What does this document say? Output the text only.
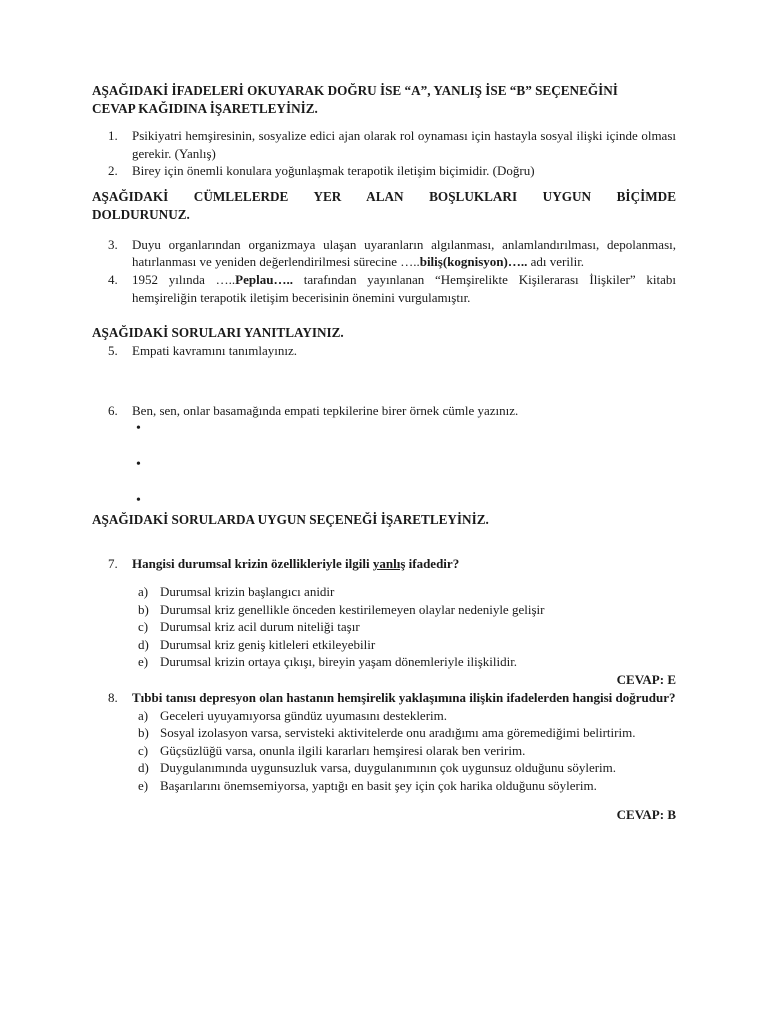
AŞAĞIDAKİ İFADELERİ OKUYARAK DOĞRU İSE “A”, YANLIŞ İSE “B” SEÇENEĞİNİ
CEVAP KAĞIDINA İŞARETLEYİNİZ.
1. Psikiyatri hemşiresinin, sosyalize edici ajan olarak rol oynaması için hastayla sosyal ilişki içinde olması gerekir. (Yanlış)
2. Birey için önemli konulara yoğunlaşmak terapotik iletişim biçimidir. (Doğru)
AŞAĞIDAKİ CÜMLELERDE YER ALAN BOŞLUKLARI UYGUN BİÇİMDE
DOLDURUNUZ.
3. Duyu organlarından organizmaya ulaşan uyaranların algılanması, anlamlandırılması, depolanması, hatırlanması ve yeniden değerlendirilmesi sürecine …..biliş(kognisyon)….. adı verilir.
4. 1952 yılında …..Peplau….. tarafından yayınlanan “Hemşirelikte Kişilerarası İlişkiler” kitabı hemşireliğin terapotik iletişim becerisinin önemini vurgulamıştır.
AŞAĞIDAKİ SORULARI YANITLAYINIZ.
5. Empati kavramını tanımlayınız.
6. Ben, sen, onlar basamağında empati tepkilerine birer örnek cümle yazınız.
•
•
•
AŞAĞIDAKİ SORULARDA UYGUN SEÇENEĞİ İŞARETLEYİNİZ.
7. Hangisi durumsal krizin özellikleriyle ilgili yanlış ifadedir?
a) Durumsal krizin başlangıcı anidir
b) Durumsal kriz genellikle önceden kestirilemeyen olaylar nedeniyle gelişir
c) Durumsal kriz acil durum niteliği taşır
d) Durumsal kriz geniş kitleleri etkileyebilir
e) Durumsal krizin ortaya çıkışı, bireyin yaşam dönemleriyle ilişkilidir.
CEVAP: E
8. Tıbbi tanısı depresyon olan hastanın hemşirelik yaklaşımına ilişkin ifadelerden hangisi doğrudur?
a) Geceleri uyuyamıyorsa gündüz uyumasını desteklerim.
b) Sosyal izolasyon varsa, servisteki aktivitelerde onu aradığımı ama göremediğimi belirtirim.
c) Güçsüzlüğü varsa, onunla ilgili kararları hemşiresi olarak ben veririm.
d) Duygulanımında uygunsuzluk varsa, duygulanımının çok uygunsuz olduğunu söylerim.
e) Başarılarını önemsemiyorsa, yaptığı en basit şey için çok harika olduğunu söylerim.
CEVAP: B
